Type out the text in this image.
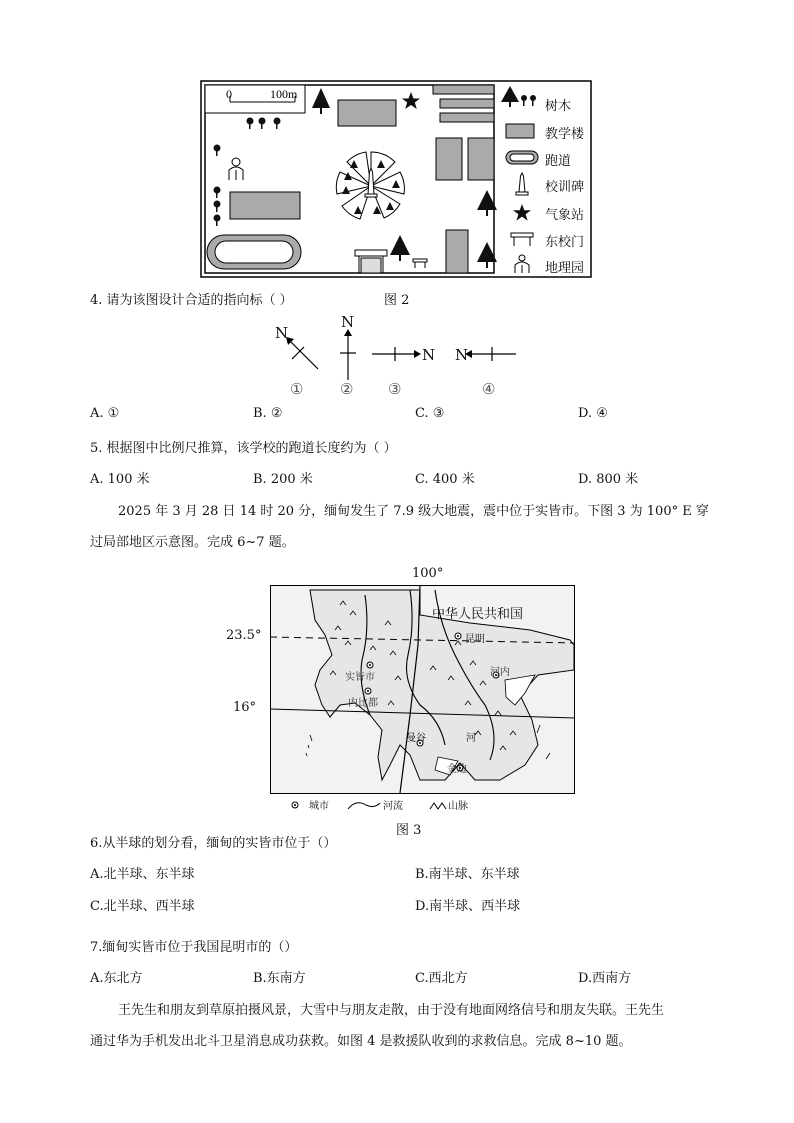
0	100m
树木
教学楼
跑道
校训碑
气象站
东校门
地理园
4. 请为该图设计合适的指向标（ ）	图 2
N
N
N N
① ② ③	④
A. ①	B. ②	C. ③	D. ④
5. 根据图中比例尺推算，该学校的跑道长度约为（ ）
A. 100 米	B. 200 米	C. 400 米	D. 800 米
2025 年 3 月 28 日 14 时 20 分，缅甸发生了 7.9 级大地震，震中位于实皆市。下图 3 为 100° E 穿
过局部地区示意图。完成 6~7 题。
100°
23.5°
16°
中华人民共和国
昆明
实皆市
内比都
河内
曼谷
金边
河
城市	河流	山脉
图 3
6.从半球的划分看，缅甸的实皆市位于（）
A.北半球、东半球	B.南半球、东半球
C.北半球、西半球	D.南半球、西半球
7.缅甸实皆市位于我国昆明市的（）
A.东北方	B.东南方	C.西北方	D.西南方
王先生和朋友到草原拍摄风景，大雪中与朋友走散，由于没有地面网络信号和朋友失联。王先生
通过华为手机发出北斗卫星消息成功获救。如图 4 是救援队收到的求救信息。完成 8~10 题。
